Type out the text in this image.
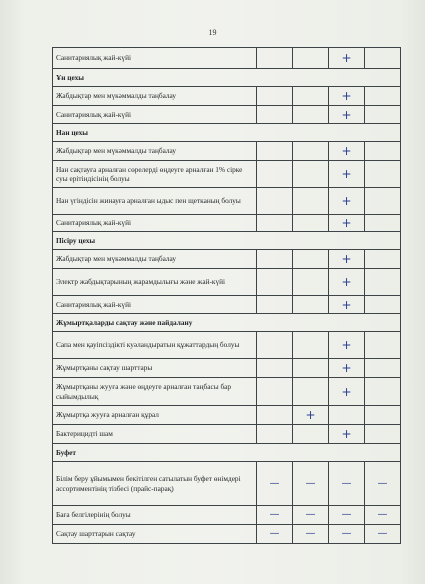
19
Санитариялық жай-күйі			+	

Ұн цехы				
Жабдықтар мен мүкәммалды таңбалау			+	

Санитариялық жай-күйі			+	

Нан цехы				
Жабдықтар мен мүкәммалды таңбалау			+	

Нан сақтауға арналған сөрелерді өңдеуге арналған 1% сірке суы ерітіндісінің болуы			+	

Нан үгіндісін жинауға арналған ыдыс пен щетканың болуы			+	

Санитариялық жай-күйі			+	

Пісіру цехы				
Жабдықтар мен мүкәммалды таңбалау			+	

Электр жабдықтарының жарамдылығы және жай-күйі			+	

Санитариялық жай-күйі			+	

Жұмыртқаларды сақтау және пайдалану				
Сапа мен қауіпсіздікті куәландыратын құжаттардың болуы			+	

Жұмыртқаны сақтау шарттары			+	

Жұмыртқаны жууға және өңдеуге арналған таңбасы бар сыйымдылық			+	

Жұмыртқа жууға арналған құрал		+		

Бактерицидті шам			+	

Буфет				
Білім беру ұйымымен бекітілген сатылатын буфет өнімдері ассортиментінің тізбесі (прайс-парақ)	—	—	—	—

Баға белгілерінің болуы	—	—	—	—

Сақтау шарттарын сақтау	—	—	—	—
